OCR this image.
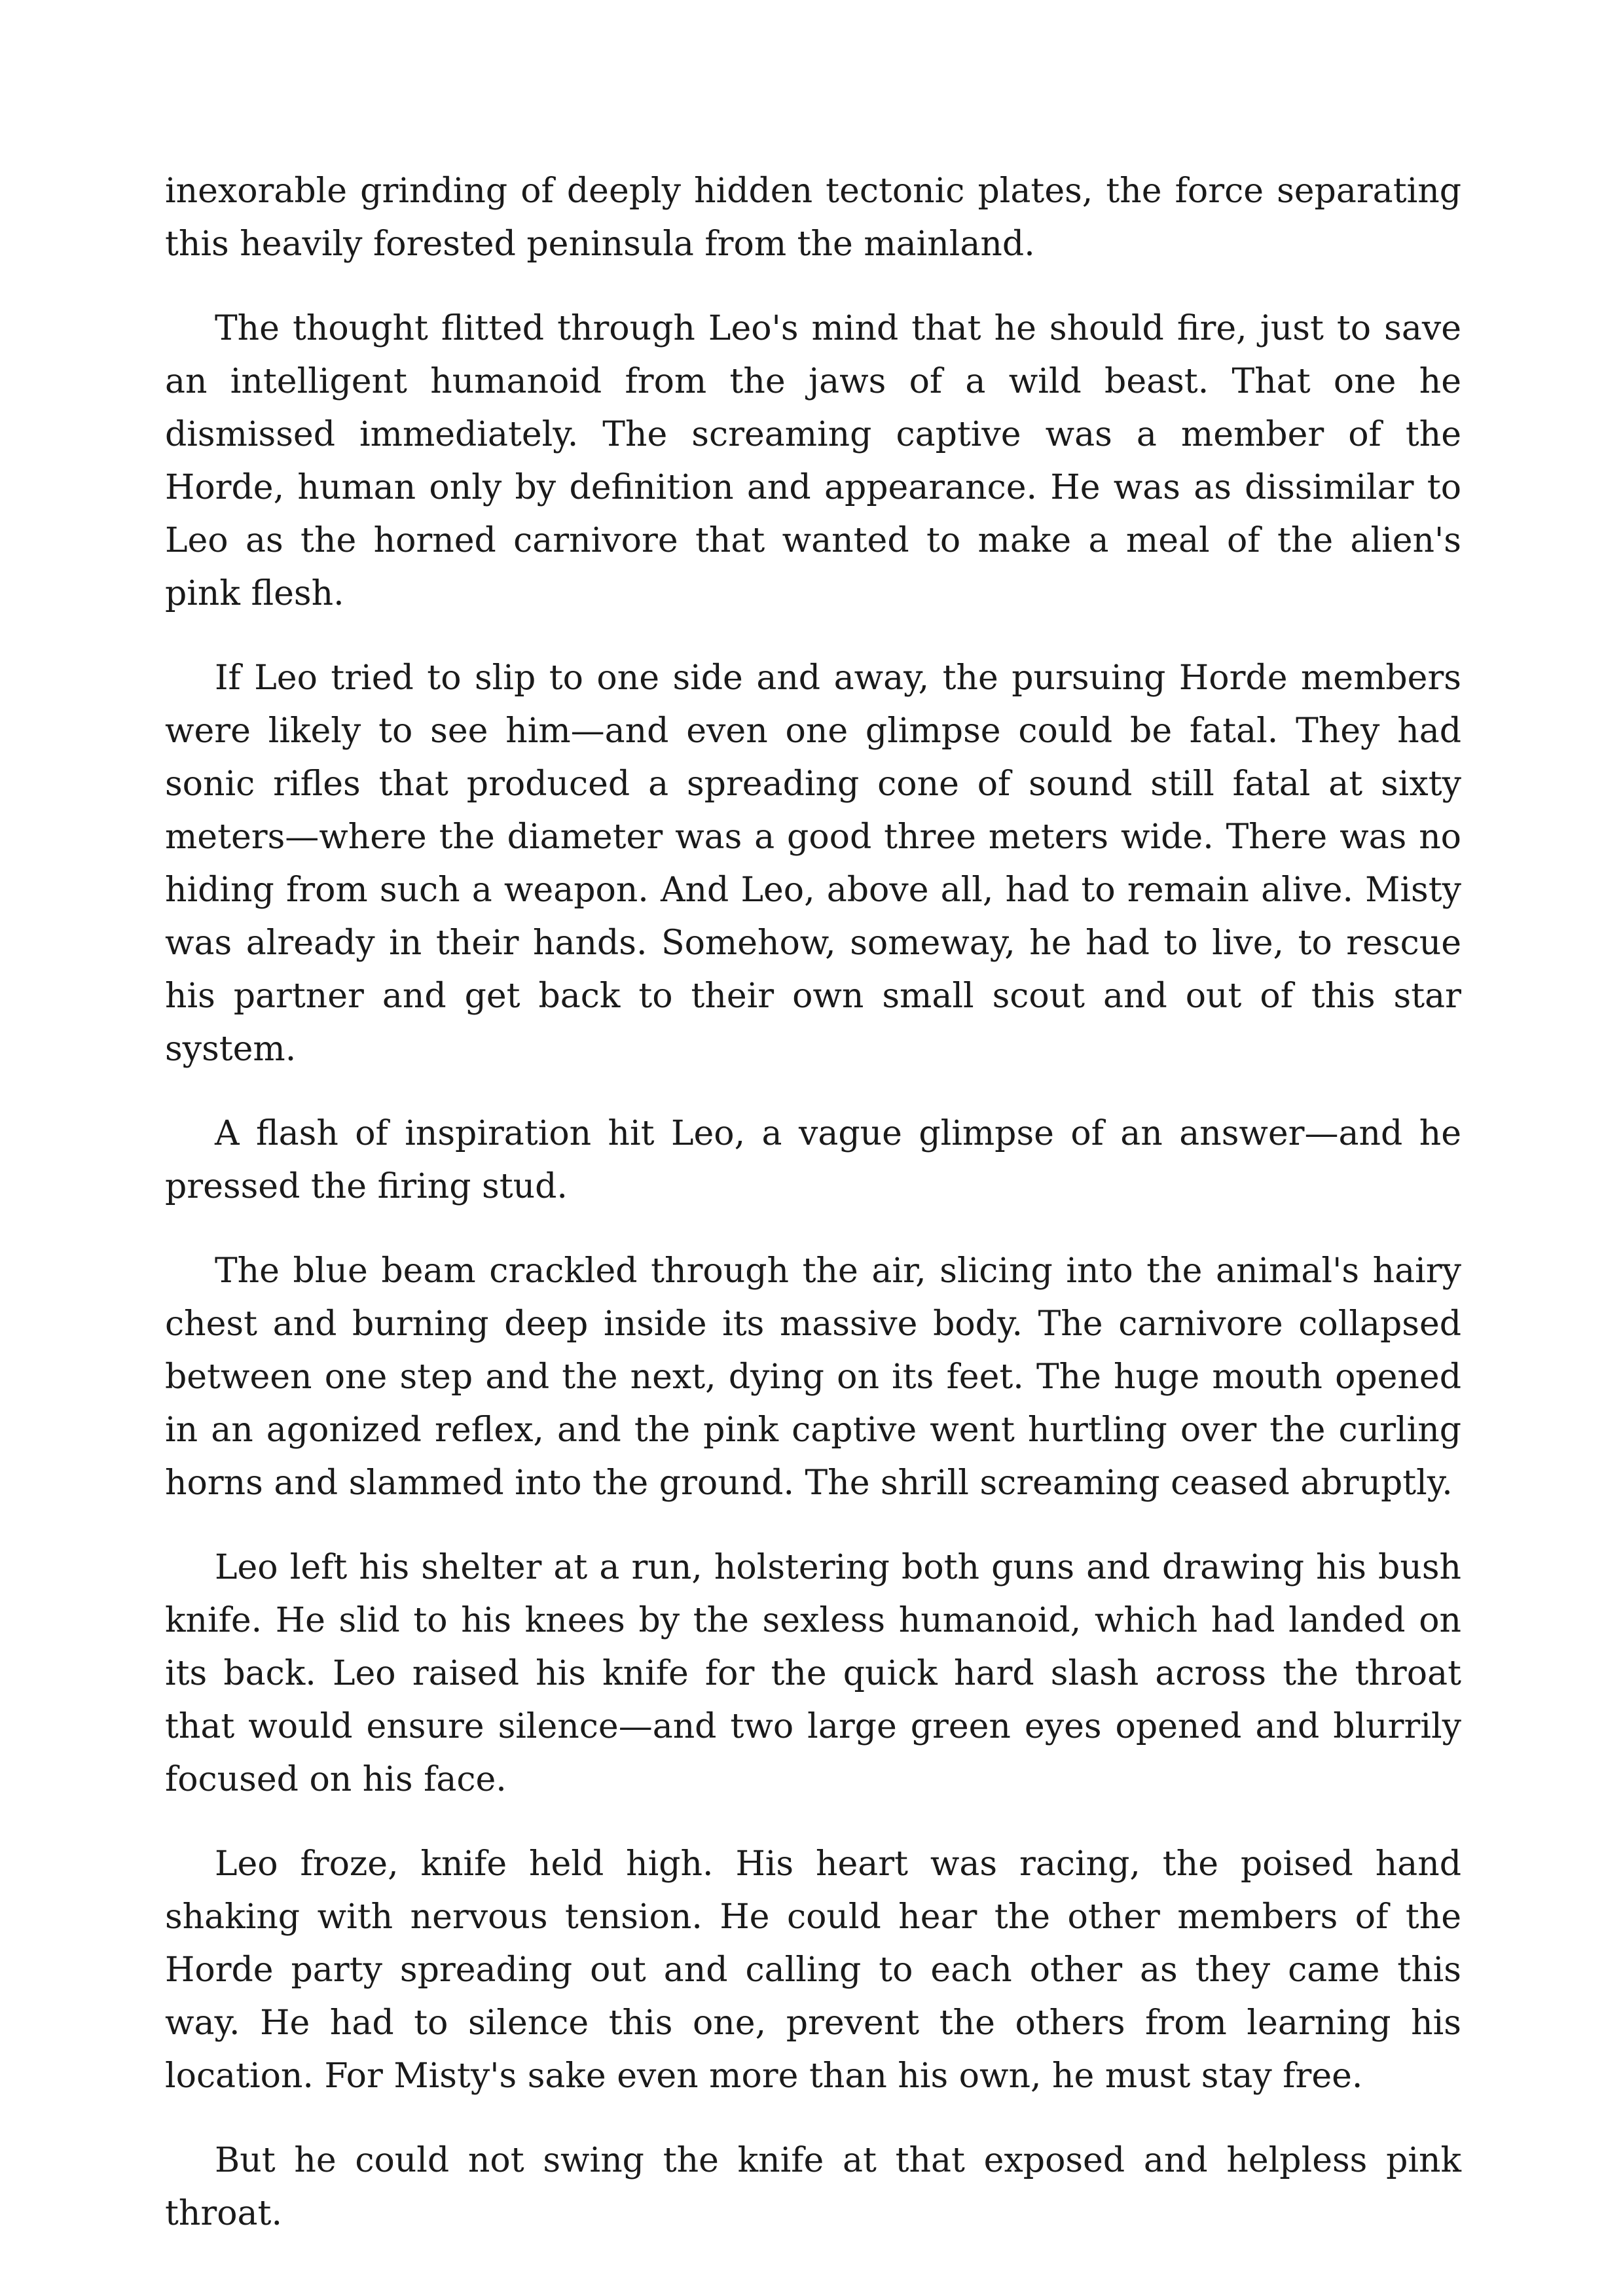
inexorable grinding of deeply hidden tectonic plates, the force separating this heavily forested peninsula from the mainland.

The thought flitted through Leo's mind that he should fire, just to save an intelligent humanoid from the jaws of a wild beast. That one he dismissed immediately. The screaming captive was a member of the Horde, human only by definition and appearance. He was as dissimilar to Leo as the horned carnivore that wanted to make a meal of the alien's pink flesh.

If Leo tried to slip to one side and away, the pursuing Horde members were likely to see him—and even one glimpse could be fatal. They had sonic rifles that produced a spreading cone of sound still fatal at sixty meters—where the diameter was a good three meters wide. There was no hiding from such a weapon. And Leo, above all, had to remain alive. Misty was already in their hands. Somehow, someway, he had to live, to rescue his partner and get back to their own small scout and out of this star system.

A flash of inspiration hit Leo, a vague glimpse of an answer—and he pressed the firing stud.

The blue beam crackled through the air, slicing into the animal's hairy chest and burning deep inside its massive body. The carnivore collapsed between one step and the next, dying on its feet. The huge mouth opened in an agonized reflex, and the pink captive went hurtling over the curling horns and slammed into the ground. The shrill screaming ceased abruptly.

Leo left his shelter at a run, holstering both guns and drawing his bush knife. He slid to his knees by the sexless humanoid, which had landed on its back. Leo raised his knife for the quick hard slash across the throat that would ensure silence—and two large green eyes opened and blurrily focused on his face.

Leo froze, knife held high. His heart was racing, the poised hand shaking with nervous tension. He could hear the other members of the Horde party spreading out and calling to each other as they came this way. He had to silence this one, prevent the others from learning his location. For Misty's sake even more than his own, he must stay free.

But he could not swing the knife at that exposed and helpless pink throat.
